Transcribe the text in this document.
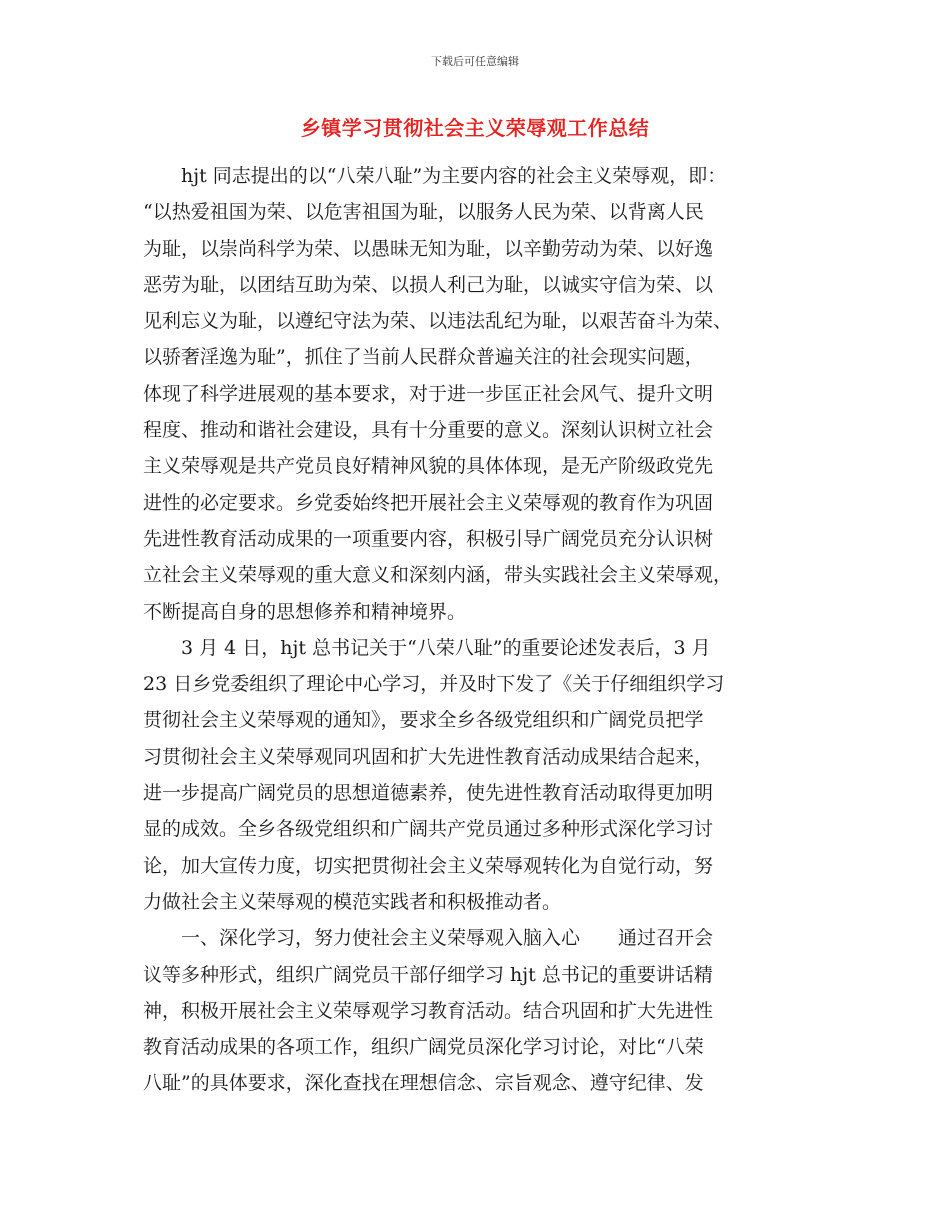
下载后可任意编辑
乡镇学习贯彻社会主义荣辱观工作总结
　　hjt 同志提出的以“八荣八耻”为主要内容的社会主义荣辱观，即：
“以热爱祖国为荣、以危害祖国为耻，以服务人民为荣、以背离人民
为耻，以崇尚科学为荣、以愚昧无知为耻，以辛勤劳动为荣、以好逸
恶劳为耻，以团结互助为荣、以损人利己为耻，以诚实守信为荣、以
见利忘义为耻，以遵纪守法为荣、以违法乱纪为耻，以艰苦奋斗为荣、
以骄奢淫逸为耻”，抓住了当前人民群众普遍关注的社会现实问题，
体现了科学进展观的基本要求，对于进一步匡正社会风气、提升文明
程度、推动和谐社会建设，具有十分重要的意义。深刻认识树立社会
主义荣辱观是共产党员良好精神风貌的具体体现，是无产阶级政党先
进性的必定要求。乡党委始终把开展社会主义荣辱观的教育作为巩固
先进性教育活动成果的一项重要内容，积极引导广阔党员充分认识树
立社会主义荣辱观的重大意义和深刻内涵，带头实践社会主义荣辱观，
不断提高自身的思想修养和精神境界。
　　3 月 4 日，hjt 总书记关于“八荣八耻”的重要论述发表后，3 月
23 日乡党委组织了理论中心学习，并及时下发了《关于仔细组织学习
贯彻社会主义荣辱观的通知》，要求全乡各级党组织和广阔党员把学
习贯彻社会主义荣辱观同巩固和扩大先进性教育活动成果结合起来，
进一步提高广阔党员的思想道德素养，使先进性教育活动取得更加明
显的成效。全乡各级党组织和广阔共产党员通过多种形式深化学习讨
论，加大宣传力度，切实把贯彻社会主义荣辱观转化为自觉行动，努
力做社会主义荣辱观的模范实践者和积极推动者。
　　一、深化学习，努力使社会主义荣辱观入脑入心　　通过召开会
议等多种形式，组织广阔党员干部仔细学习 hjt 总书记的重要讲话精
神，积极开展社会主义荣辱观学习教育活动。结合巩固和扩大先进性
教育活动成果的各项工作，组织广阔党员深化学习讨论，对比“八荣
八耻”的具体要求，深化查找在理想信念、宗旨观念、遵守纪律、发
